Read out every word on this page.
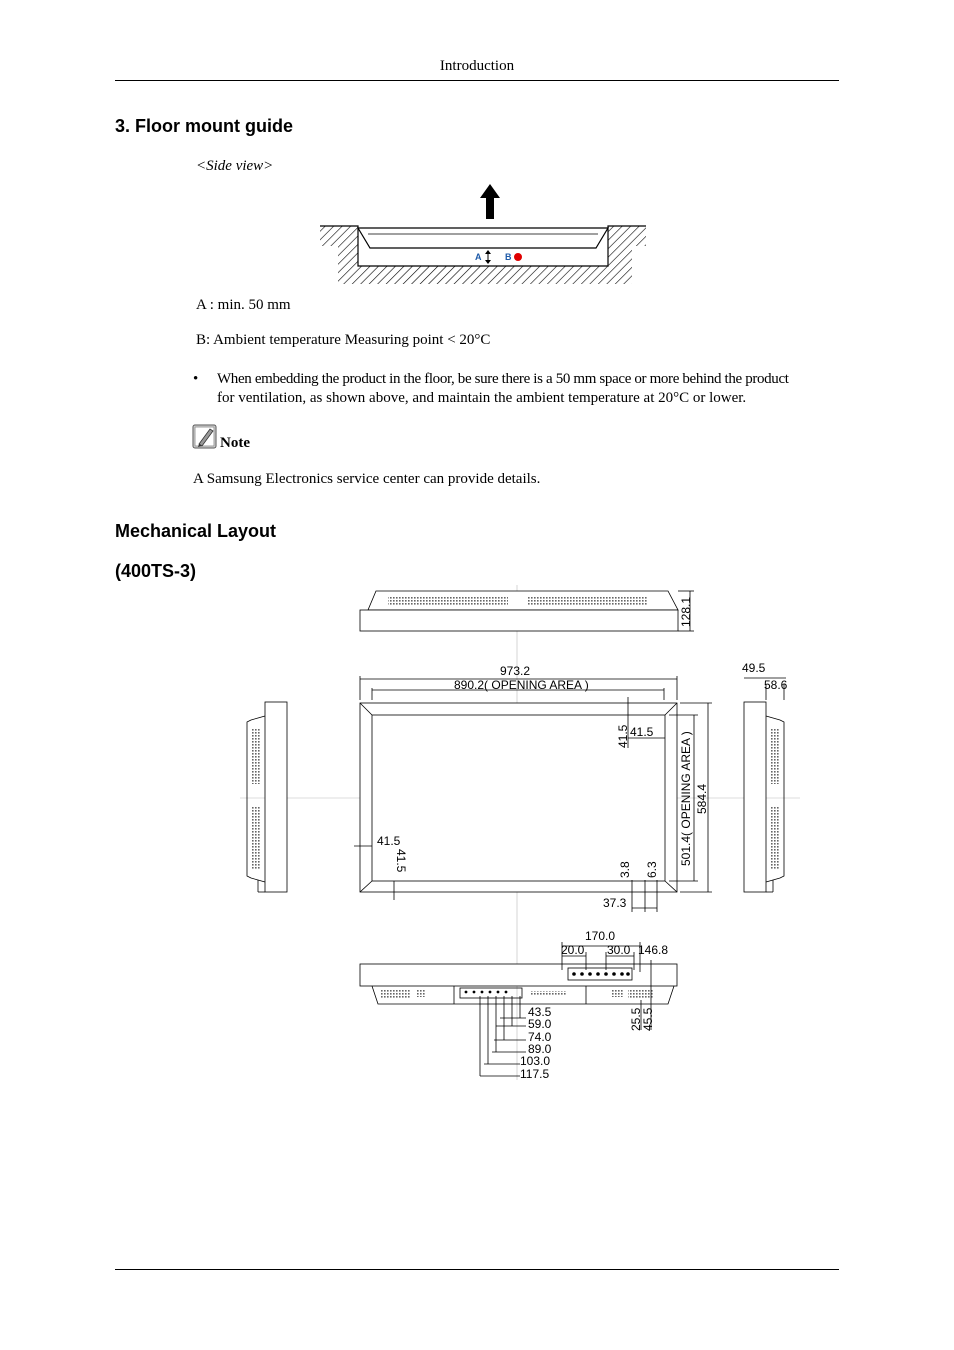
Introduction
3. Floor mount guide
<Side view>
A	B
A : min. 50 mm
B: Ambient temperature Measuring point < 20°C
• When embedding the product in the floor, be sure there is a 50 mm space or more behind the product
for ventilation, as shown above, and maintain the ambient temperature at 20°C or lower.
Note
A Samsung Electronics service center can provide details.
Mechanical Layout
(400TS-3)
128.1
973.2
890.2( OPENING AREA )
49.5
58.6
41.5 41.5
41.5
41.5	501.4( OPENING AREA ) 584.4
3.8 6.3
37.3
170.0
20.0 30.0 146.8
25.5
45.5
43.5
59.0
74.0
89.0
103.0
117.5
